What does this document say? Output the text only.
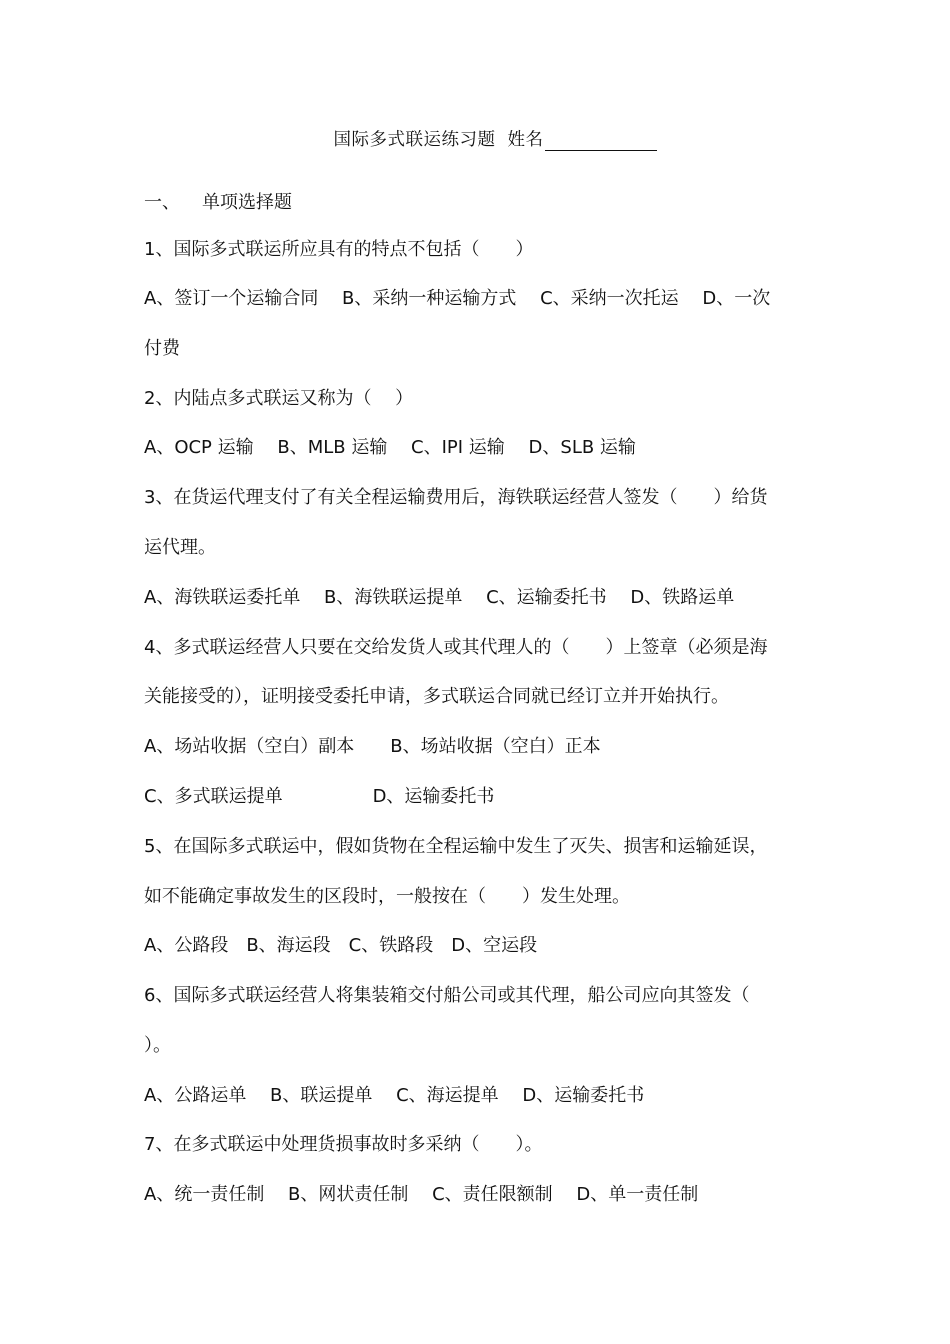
国际多式联运练习题 姓名
一、 单项选择题
1、国际多式联运所应具有的特点不包括（　　）
A、签订一个运输合同　 B、采纳一种运输方式　 C、采纳一次托运　 D、一次
付费
2、内陆点多式联运又称为（　 ）
A、OCP 运输　 B、MLB 运输　 C、IPI 运输　 D、SLB 运输
3、在货运代理支付了有关全程运输费用后，海铁联运经营人签发（　　）给货
运代理。
A、海铁联运委托单　 B、海铁联运提单　 C、运输委托书　 D、铁路运单
4、多式联运经营人只要在交给发货人或其代理人的（　　）上签章（必须是海
关能接受的），证明接受委托申请，多式联运合同就已经订立并开始执行。
A、场站收据（空白）副本　　B、场站收据（空白）正本
C、多式联运提单　　　　　D、运输委托书
5、在国际多式联运中，假如货物在全程运输中发生了灭失、损害和运输延误，
如不能确定事故发生的区段时，一般按在（　　）发生处理。
A、公路段　B、海运段　C、铁路段　D、空运段
6、国际多式联运经营人将集装箱交付船公司或其代理，船公司应向其签发（
）。
A、公路运单　 B、联运提单　 C、海运提单　 D、运输委托书
7、在多式联运中处理货损事故时多采纳（　　）。
A、统一责任制　 B、网状责任制　 C、责任限额制　 D、单一责任制
